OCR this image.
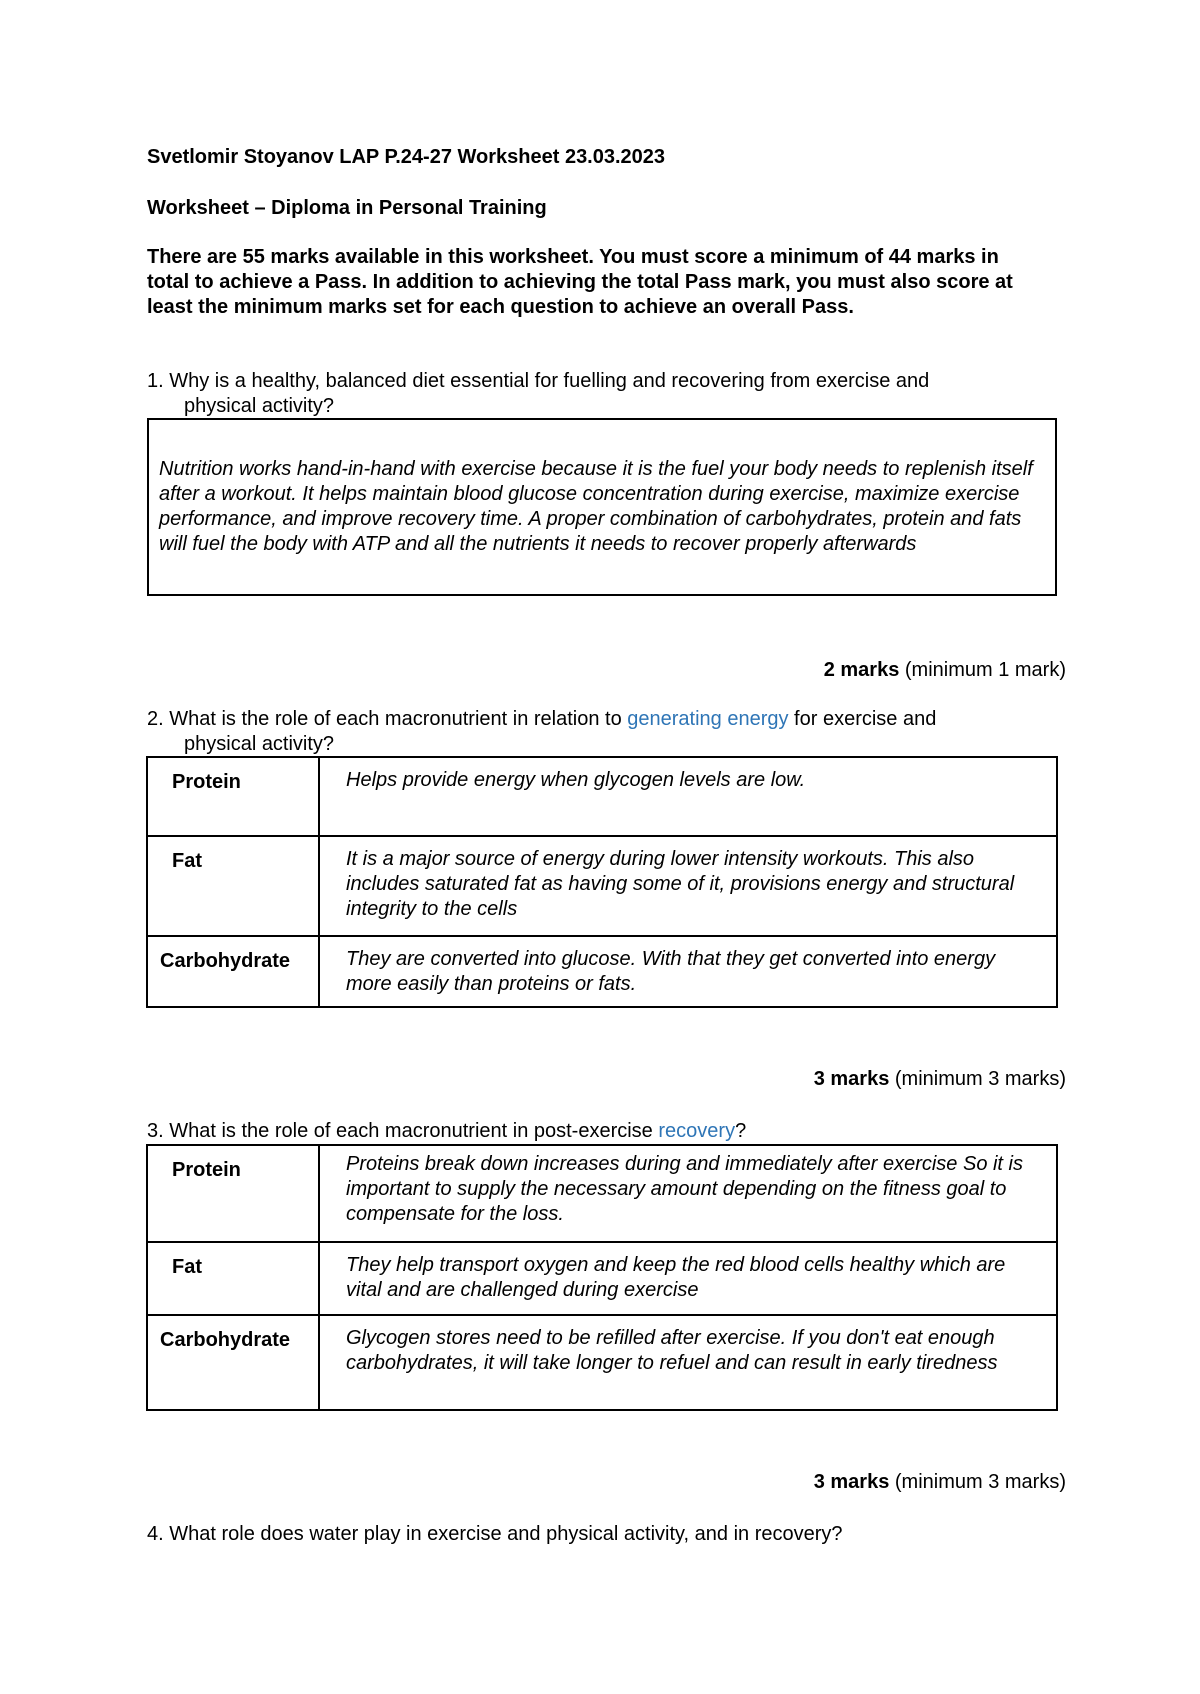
Svetlomir Stoyanov LAP P.24-27 Worksheet 23.03.2023
Worksheet – Diploma in Personal Training
There are 55 marks available in this worksheet. You must score a minimum of 44 marks in total to achieve a Pass. In addition to achieving the total Pass mark, you must also score at least the minimum marks set for each question to achieve an overall Pass.
1. Why is a healthy, balanced diet essential for fuelling and recovering from exercise and
physical activity?
Nutrition works hand-in-hand with exercise because it is the fuel your body needs to replenish itself after a workout. It helps maintain blood glucose concentration during exercise, maximize exercise performance, and improve recovery time. A proper combination of carbohydrates, protein and fats will fuel the body with ATP and all the nutrients it needs to recover properly afterwards
2 marks (minimum 1 mark)
2. What is the role of each macronutrient in relation to generating energy for exercise and
physical activity?
Protein	Helps provide energy when glycogen levels are low.

Fat	It is a major source of energy during lower intensity workouts. This also includes saturated fat as having some of it, provisions energy and structural integrity to the cells

Carbohydrate	They are converted into glucose. With that they get converted into energy more easily than proteins or fats.
3 marks (minimum 3 marks)
3. What is the role of each macronutrient in post-exercise recovery?
Protein	Proteins break down increases during and immediately after exercise So it is important to supply the necessary amount depending on the fitness goal to compensate for the loss.

Fat	They help transport oxygen and keep the red blood cells healthy which are vital and are challenged during exercise

Carbohydrate	Glycogen stores need to be refilled after exercise. If you don't eat enough carbohydrates, it will take longer to refuel and can result in early tiredness
3 marks (minimum 3 marks)
4. What role does water play in exercise and physical activity, and in recovery?
